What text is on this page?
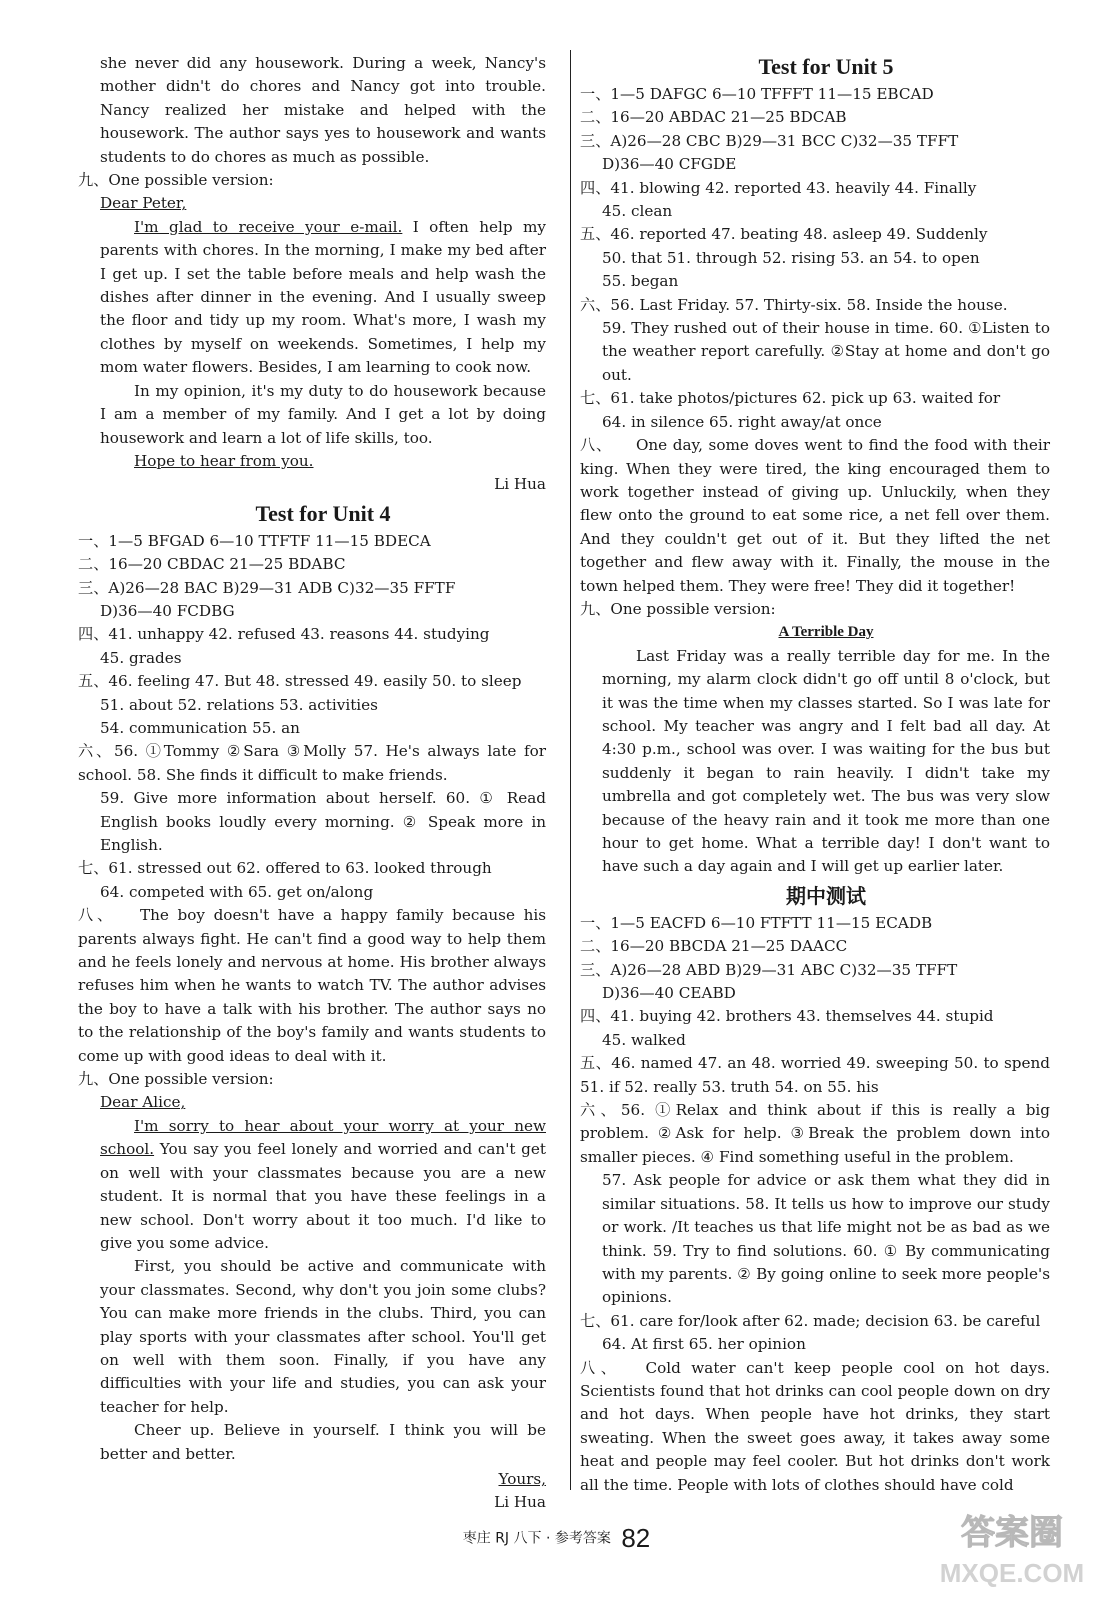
she never did any housework. During a week, Nancy's mother didn't do chores and Nancy got into trouble. Nancy realized her mistake and helped with the housework. The author says yes to housework and wants students to do chores as much as possible.

九、One possible version:

Dear Peter,

I'm glad to receive your e-mail. I often help my parents with chores. In the morning, I make my bed after I get up. I set the table before meals and help wash the dishes after dinner in the evening. And I usually sweep the floor and tidy up my room. What's more, I wash my clothes by myself on weekends. Sometimes, I help my mom water flowers. Besides, I am learning to cook now.

In my opinion, it's my duty to do housework because I am a member of my family. And I get a lot by doing housework and learn a lot of life skills, too.

Hope to hear from you.

Li Hua

Test for Unit 4

一、1—5 BFGAD 6—10 TTFTF 11—15 BDECA

二、16—20 CBDAC 21—25 BDABC

三、A)26—28 BAC B)29—31 ADB C)32—35 FFTF

D)36—40 FCDBG

四、41. unhappy 42. refused 43. reasons 44. studying

45. grades

五、46. feeling 47. But 48. stressed 49. easily 50. to sleep

51. about 52. relations 53. activities

54. communication 55. an

六、56. ①Tommy ②Sara ③Molly 57. He's always late for school. 58. She finds it difficult to make friends.

59. Give more information about herself. 60. ① Read English books loudly every morning. ② Speak more in English.

七、61. stressed out 62. offered to 63. looked through

64. competed with 65. get on/along

八、 The boy doesn't have a happy family because his parents always fight. He can't find a good way to help them and he feels lonely and nervous at home. His brother always refuses him when he wants to watch TV. The author advises the boy to have a talk with his brother. The author says no to the relationship of the boy's family and wants students to come up with good ideas to deal with it.

九、One possible version:

Dear Alice,

I'm sorry to hear about your worry at your new school. You say you feel lonely and worried and can't get on well with your classmates because you are a new student. It is normal that you have these feelings in a new school. Don't worry about it too much. I'd like to give you some advice.

First, you should be active and communicate with your classmates. Second, why don't you join some clubs? You can make more friends in the clubs. Third, you can play sports with your classmates after school. You'll get on well with them soon. Finally, if you have any difficulties with your life and studies, you can ask your teacher for help.

Cheer up. Believe in yourself. I think you will be better and better.

Yours,

Li Hua

Test for Unit 5

一、1—5 DAFGC 6—10 TFFFT 11—15 EBCAD

二、16—20 ABDAC 21—25 BDCAB

三、A)26—28 CBC B)29—31 BCC C)32—35 TFFT

D)36—40 CFGDE

四、41. blowing 42. reported 43. heavily 44. Finally

45. clean

五、46. reported 47. beating 48. asleep 49. Suddenly

50. that 51. through 52. rising 53. an 54. to open

55. began

六、56. Last Friday. 57. Thirty-six. 58. Inside the house.

59. They rushed out of their house in time. 60. ①Listen to the weather report carefully. ②Stay at home and don't go out.

七、61. take photos/pictures 62. pick up 63. waited for

64. in silence 65. right away/at once

八、 One day, some doves went to find the food with their king. When they were tired, the king encouraged them to work together instead of giving up. Unluckily, when they flew onto the ground to eat some rice, a net fell over them. And they couldn't get out of it. But they lifted the net together and flew away with it. Finally, the mouse in the town helped them. They were free! They did it together!

九、One possible version:

A Terrible Day

Last Friday was a really terrible day for me. In the morning, my alarm clock didn't go off until 8 o'clock, but it was the time when my classes started. So I was late for school. My teacher was angry and I felt bad all day. At 4:30 p.m., school was over. I was waiting for the bus but suddenly it began to rain heavily. I didn't take my umbrella and got completely wet. The bus was very slow because of the heavy rain and it took me more than one hour to get home. What a terrible day! I don't want to have such a day again and I will get up earlier later.

期中测试

一、1—5 EACFD 6—10 FTFTT 11—15 ECADB

二、16—20 BBCDA 21—25 DAACC

三、A)26—28 ABD B)29—31 ABC C)32—35 TFFT

D)36—40 CEABD

四、41. buying 42. brothers 43. themselves 44. stupid

45. walked

五、46. named 47. an 48. worried 49. sweeping 50. to spend 51. if 52. really 53. truth 54. on 55. his

六、56. ①Relax and think about if this is really a big problem. ②Ask for help. ③Break the problem down into smaller pieces. ④ Find something useful in the problem.

57. Ask people for advice or ask them what they did in similar situations. 58. It tells us how to improve our study or work. /It teaches us that life might not be as bad as we think. 59. Try to find solutions. 60. ① By communicating with my parents. ② By going online to seek more people's opinions.

七、61. care for/look after 62. made; decision 63. be careful

64. At first 65. her opinion

八、 Cold water can't keep people cool on hot days. Scientists found that hot drinks can cool people down on dry and hot days. When people have hot drinks, they start sweating. When the sweet goes away, it takes away some heat and people may feel cooler. But hot drinks don't work all the time. People with lots of clothes should have cold

枣庄 RJ 八下 · 参考答案 82	答案圈
MXQE.COM
